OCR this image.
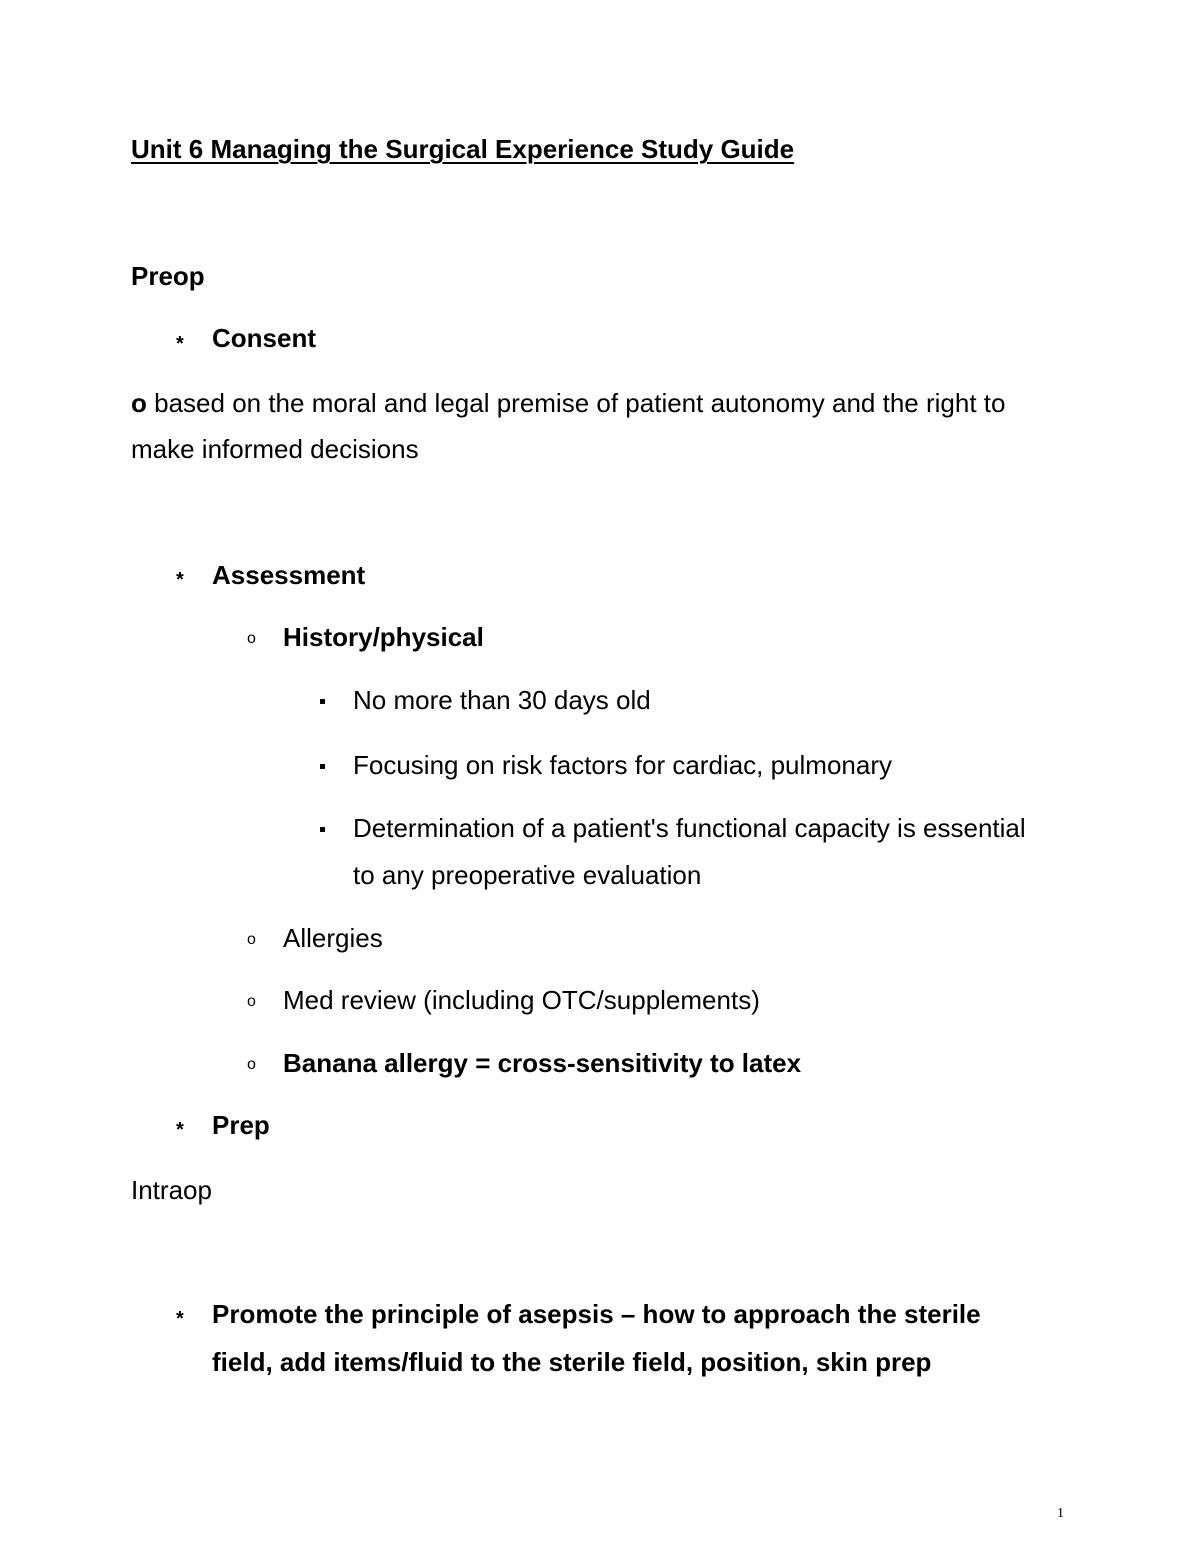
Unit 6 Managing the Surgical Experience Study Guide
Preop
* Consent
o based on the moral and legal premise of patient autonomy and the right to
make informed decisions
* Assessment
o History/physical
No more than 30 days old
Focusing on risk factors for cardiac, pulmonary
Determination of a patient's functional capacity is essential
to any preoperative evaluation
o Allergies
o Med review (including OTC/supplements)
o Banana allergy = cross-sensitivity to latex
* Prep
Intraop
* Promote the principle of asepsis – how to approach the sterile
field, add items/fluid to the sterile field, position, skin prep
1
